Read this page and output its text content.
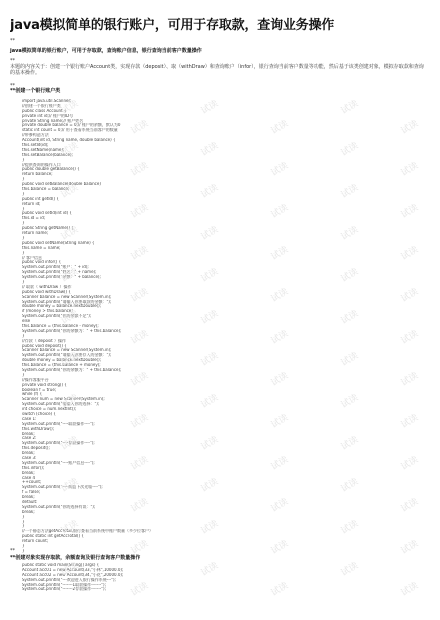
java模拟简单的银行账户，可用于存取款，查询业务操作
**
java模拟简单的银行账户，可用于存取款，查询账户信息，银行查询当前客户数量操作
**
本题的内容关于：创建一个银行账户Account类，实现存款（deposit）、取（withDraw）和查询账户（infor），银行查询当前客户数量等功能，然后基于该类创建对象，模拟存取款和查询的基本操作。
**
**创建一个银行账户类
import java.util.Scanner;
//创建一个银行账户类
public class Account {
private int id;// 账户的ID号
private String name;// 账户姓名
private double balance = 0;// 账户的余额，默认为0
static int count = 0;// 用于查看系统当前客户的数量
//带参构造方法
Account(int id, String name, double balance) {
this.setId(id);
this.setName(name);
this.setBalance(balance);
}
//提供查询的操作入口
public double getBalance() {
return balance;
}
public void setBalance(double balance)
this.balance = balance;
}
public int getId() {
return id;
}
public void setId(int id) {
this.id = id;
}
public String getName() {
return name;
}
public void setName(String name) {
this.name = name;
}
// 客户信息
public void infor() {
System.out.println("账户：" + id);
System.out.println("姓名：" + name);
System.out.println("余额：" + balance);
}
// 取款（ withDraw ）操作
public void withDraw() {
Scanner balance = new Scanner(System.in);
System.out.println("请输入你要取款的金额：");
double money = balance.nextDouble();
if (money > this.balance)
System.out.println("你的余额不足");
else
this.balance = (this.balance - money);
System.out.println("你的余额为：" + this.balance);
}
//存款（ deposit ）操作
public void deposit() {
Scanner balance = new Scanner(System.in);
System.out.println("请输入你要存入的金额：");
double money = balance.nextDouble();
this.balance = (this.balance + money);
System.out.println("你的余额为：" + this.balance);
}
//操作客服平台
private void strong() {
boolean f = true;
while (f) {
Scanner num = new Scanner(System.in);
System.out.println("请输入你的选择：");
int choice = num.nextInt();
switch (choice) {
case 1:
System.out.println("----取款操作----");
this.withDraw();
break;
case 2:
System.out.println("----存款操作----");
this.deposit();
break;
case 3:
System.out.println("----账户信息----");
this.infor();
break;
case 4
++count;
System.out.println("----前监下次光临----");
f = false;
break;
default:
System.out.println("你的选择有误：");
break;
}
}
}
//一个静态方法getAccTotal,银行查看当前系统中账户数量（多少位客户）
public static int getAccTotal() {
return count;
}
}
**
**创建对象实现存取款，余额查询及银行查询客户数量操作
public static void main(String[] args) {
Account acc01 = new Account(33,"小林",10000.0);
Account acc02 = new Account(34,"小花",20000.0);
System.out.println("---欢迎进入银行操作系统---");
System.out.println("-------1取款操作-------");
System.out.println("-------2存款操作-------");
试读
试读
试读
试读
试读
试读
试读
试读
试读
试读
试读
试读
试读
试读
试读
试读
试读
试读
试读
试读
试读
试读
试读
试读
试读
试读
试读
试读
试读
试读
试读
试读
试读
试读
试读
试读
试读
试读
试读
试读
试读
试读
试读
试读
试读
试读
试读
试读
试读
试读
试读
试读
试读
试读
试读
试读
试读
试读
试读
试读
试读
试读
试读
试读
试读
试读
试读
试读
试读
试读
试读
试读
